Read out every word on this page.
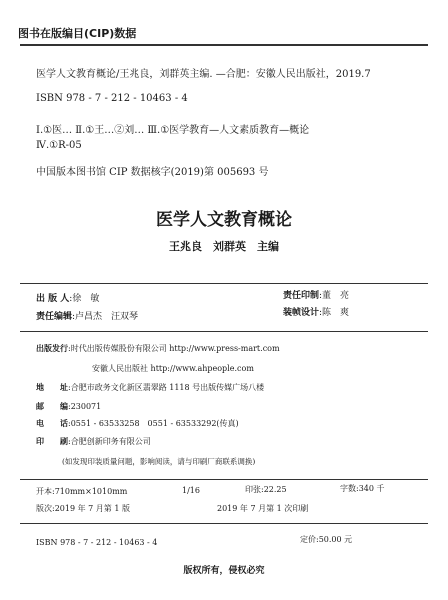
图书在版编目(CIP)数据
医学人文教育概论/王兆良，刘群英主编. —合肥：安徽人民出版社，2019.7
ISBN 978 - 7 - 212 - 10463 - 4
Ⅰ.①医… Ⅱ.①王…②刘… Ⅲ.①医学教育—人文素质教育—概论
Ⅳ.①R-05
中国版本图书馆 CIP 数据核字(2019)第 005693 号
医学人文教育概论
王兆良　刘群英　主编
出 版 人:徐　敏	责任印制:董　亮
责任编辑:卢昌杰　汪双琴	装帧设计:陈　爽
出版发行:时代出版传媒股份有限公司 http://www.press-mart.com
安徽人民出版社 http://www.ahpeople.com
地　　址:合肥市政务文化新区翡翠路 1118 号出版传媒广场八楼
邮　　编:230071
电　　话:0551 - 63533258　0551 - 63533292(传真)
印　　刷:合肥创新印务有限公司
(如发现印装质量问题，影响阅读，请与印刷厂商联系调换)
开本:710mm×1010mm	1/16	印张:22.25	字数:340 千
版次:2019 年 7 月第 1 版	2019 年 7 月第 1 次印刷
ISBN 978 - 7 - 212 - 10463 - 4	定价:50.00 元
版权所有，侵权必究
